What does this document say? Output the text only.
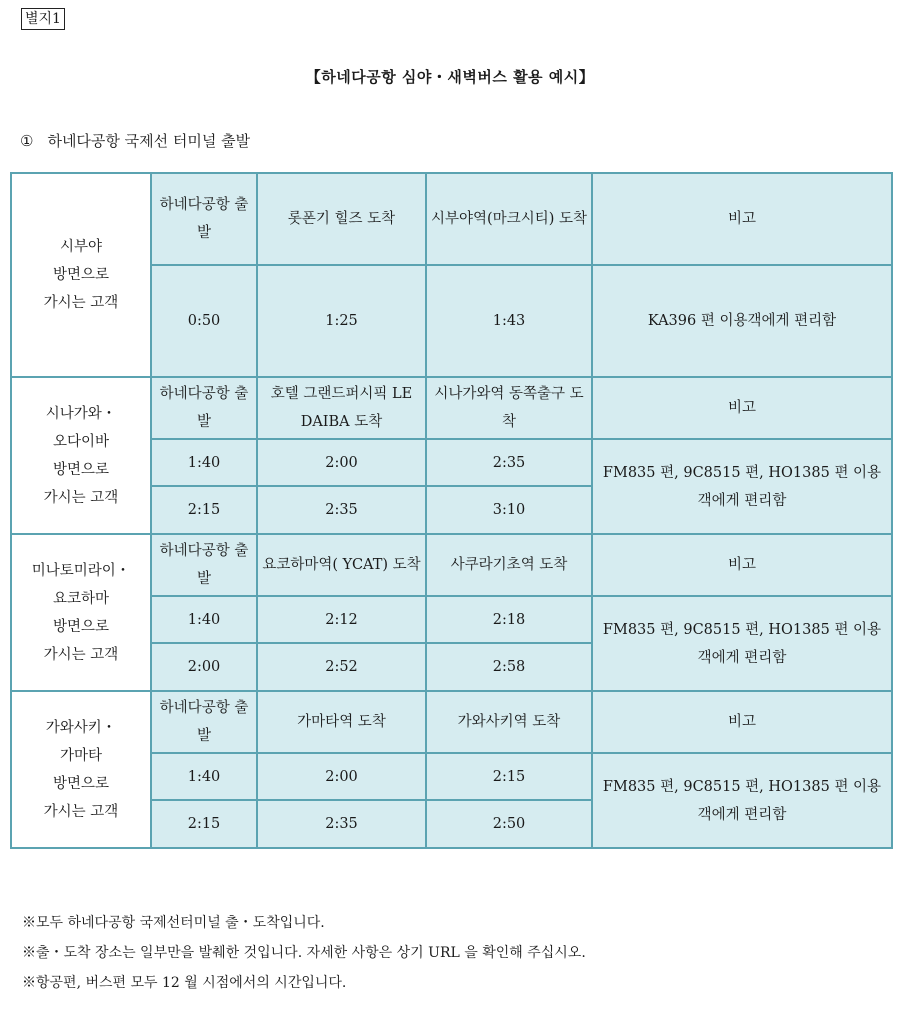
별지1
【하네다공항 심야・새벽버스 활용 예시】
① 하네다공항 국제선 터미널 출발
시부야
방면으로
가시는 고객	하네다공항 출발	롯폰기 힐즈 도착	시부야역(마크시티) 도착	비고
	0:50	1:25	1:43	KA396 편 이용객에게 편리함

시나가와・
오다이바
방면으로
가시는 고객	하네다공항 출발	호텔 그랜드퍼시픽 LE DAIBA 도착	시나가와역 동쪽출구 도착	비고
	1:40	2:00	2:35	FM835 편, 9C8515 편, HO1385 편 이용객에게 편리함
	2:15	2:35	3:10	

미나토미라이・
요코하마
방면으로
가시는 고객	하네다공항 출발	요코하마역( YCAT) 도착	사쿠라기초역 도착	비고
	1:40	2:12	2:18	FM835 편, 9C8515 편, HO1385 편 이용객에게 편리함
	2:00	2:52	2:58	

가와사키・
가마타
방면으로
가시는 고객	하네다공항 출발	가마타역 도착	가와사키역 도착	비고
	1:40	2:00	2:15	FM835 편, 9C8515 편, HO1385 편 이용객에게 편리함
	2:15	2:35	2:50	
※모두 하네다공항 국제선터미널 출・도착입니다.
※출・도착 장소는 일부만을 발췌한 것입니다. 자세한 사항은 상기 URL 을 확인해 주십시오.
※항공편, 버스편 모두 12 월 시점에서의 시간입니다.
